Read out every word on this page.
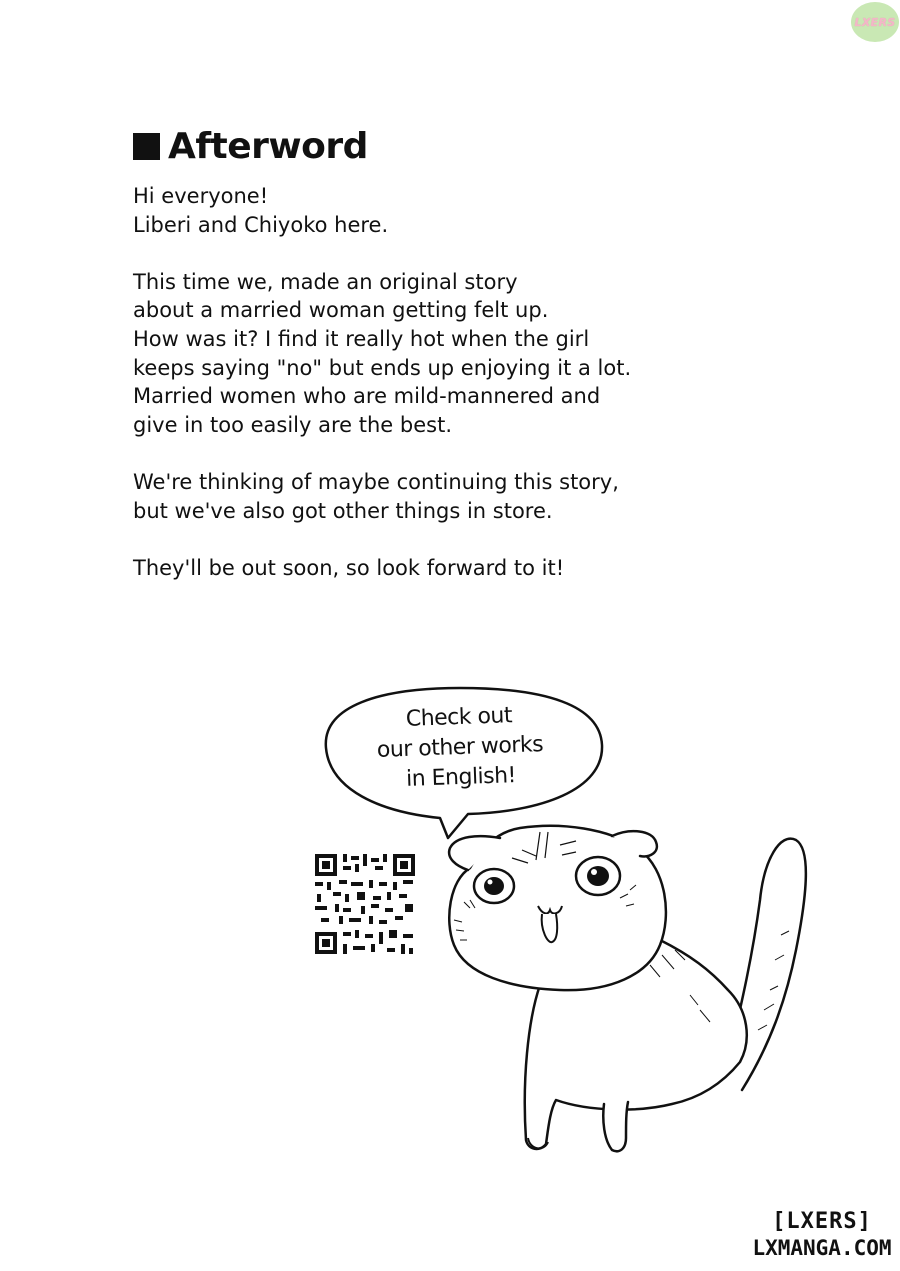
LXERS
Afterword
Hi everyone!
Liberi and Chiyoko here.
This time we, made an original story
about a married woman getting felt up.
How was it? I find it really hot when the girl
keeps saying "no" but ends up enjoying it a lot.
Married women who are mild-mannered and
give in too easily are the best.
We're thinking of maybe continuing this story,
but we've also got other things in store.
They'll be out soon, so look forward to it!
Check out
our other works
in English!
[LXERS]
LXMANGA.COM
